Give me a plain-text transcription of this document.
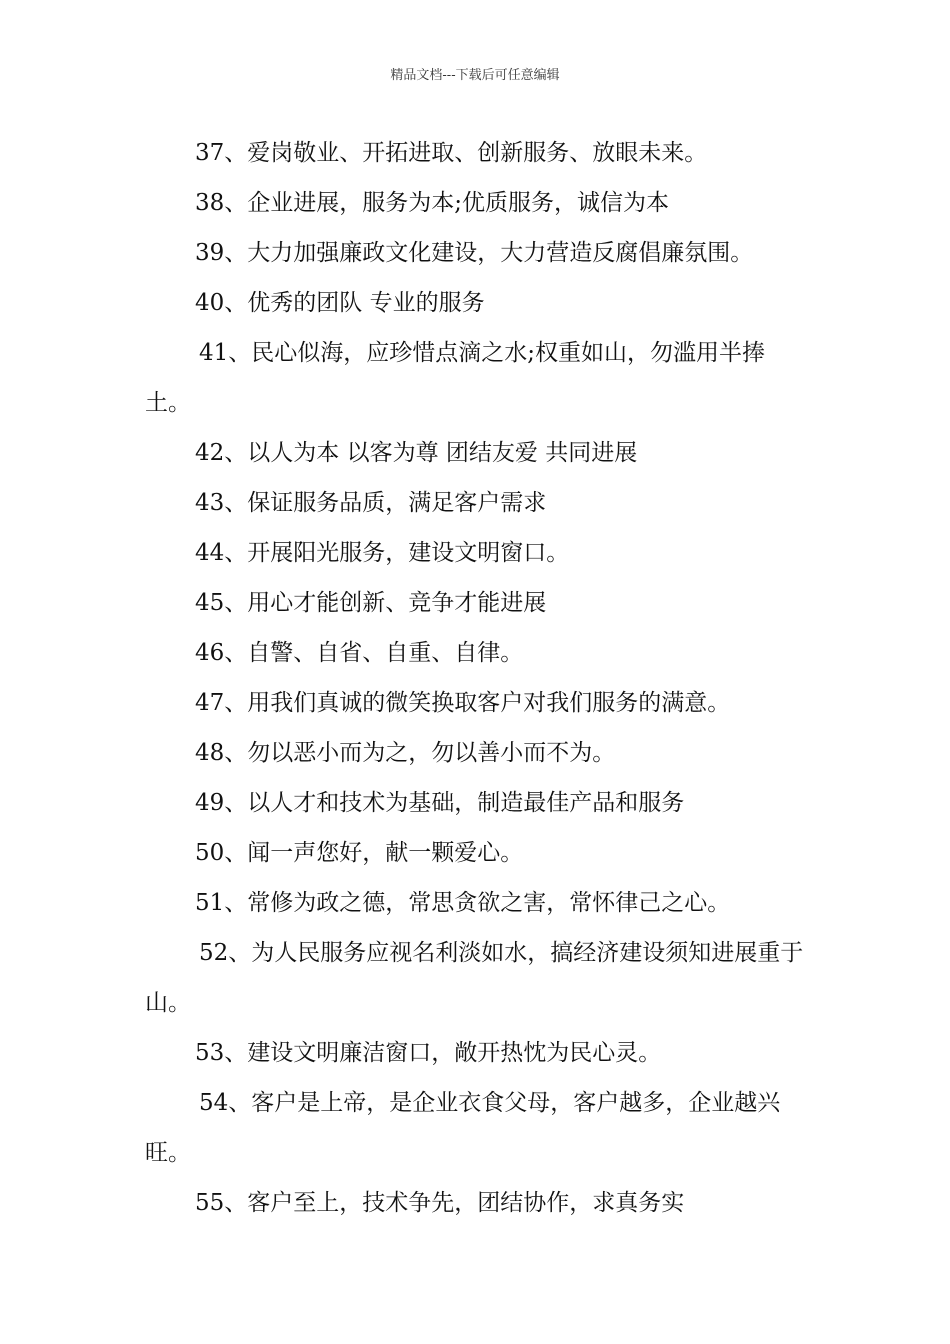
精品文档---下载后可任意编辑

37、爱岗敬业、开拓进取、创新服务、放眼未来。

38、企业进展，服务为本;优质服务，诚信为本

39、大力加强廉政文化建设，大力营造反腐倡廉氛围。

40、优秀的团队 专业的服务

41、民心似海，应珍惜点滴之水;权重如山，勿滥用半捧土。

42、以人为本 以客为尊 团结友爱 共同进展

43、保证服务品质，满足客户需求

44、开展阳光服务，建设文明窗口。

45、用心才能创新、竞争才能进展

46、自警、自省、自重、自律。

47、用我们真诚的微笑换取客户对我们服务的满意。

48、勿以恶小而为之，勿以善小而不为。

49、以人才和技术为基础，制造最佳产品和服务

50、闻一声您好，献一颗爱心。

51、常修为政之德，常思贪欲之害，常怀律己之心。

52、为人民服务应视名利淡如水，搞经济建设须知进展重于山。

53、建设文明廉洁窗口，敞开热忱为民心灵。

54、客户是上帝，是企业衣食父母，客户越多，企业越兴旺。

55、客户至上，技术争先，团结协作，求真务实
